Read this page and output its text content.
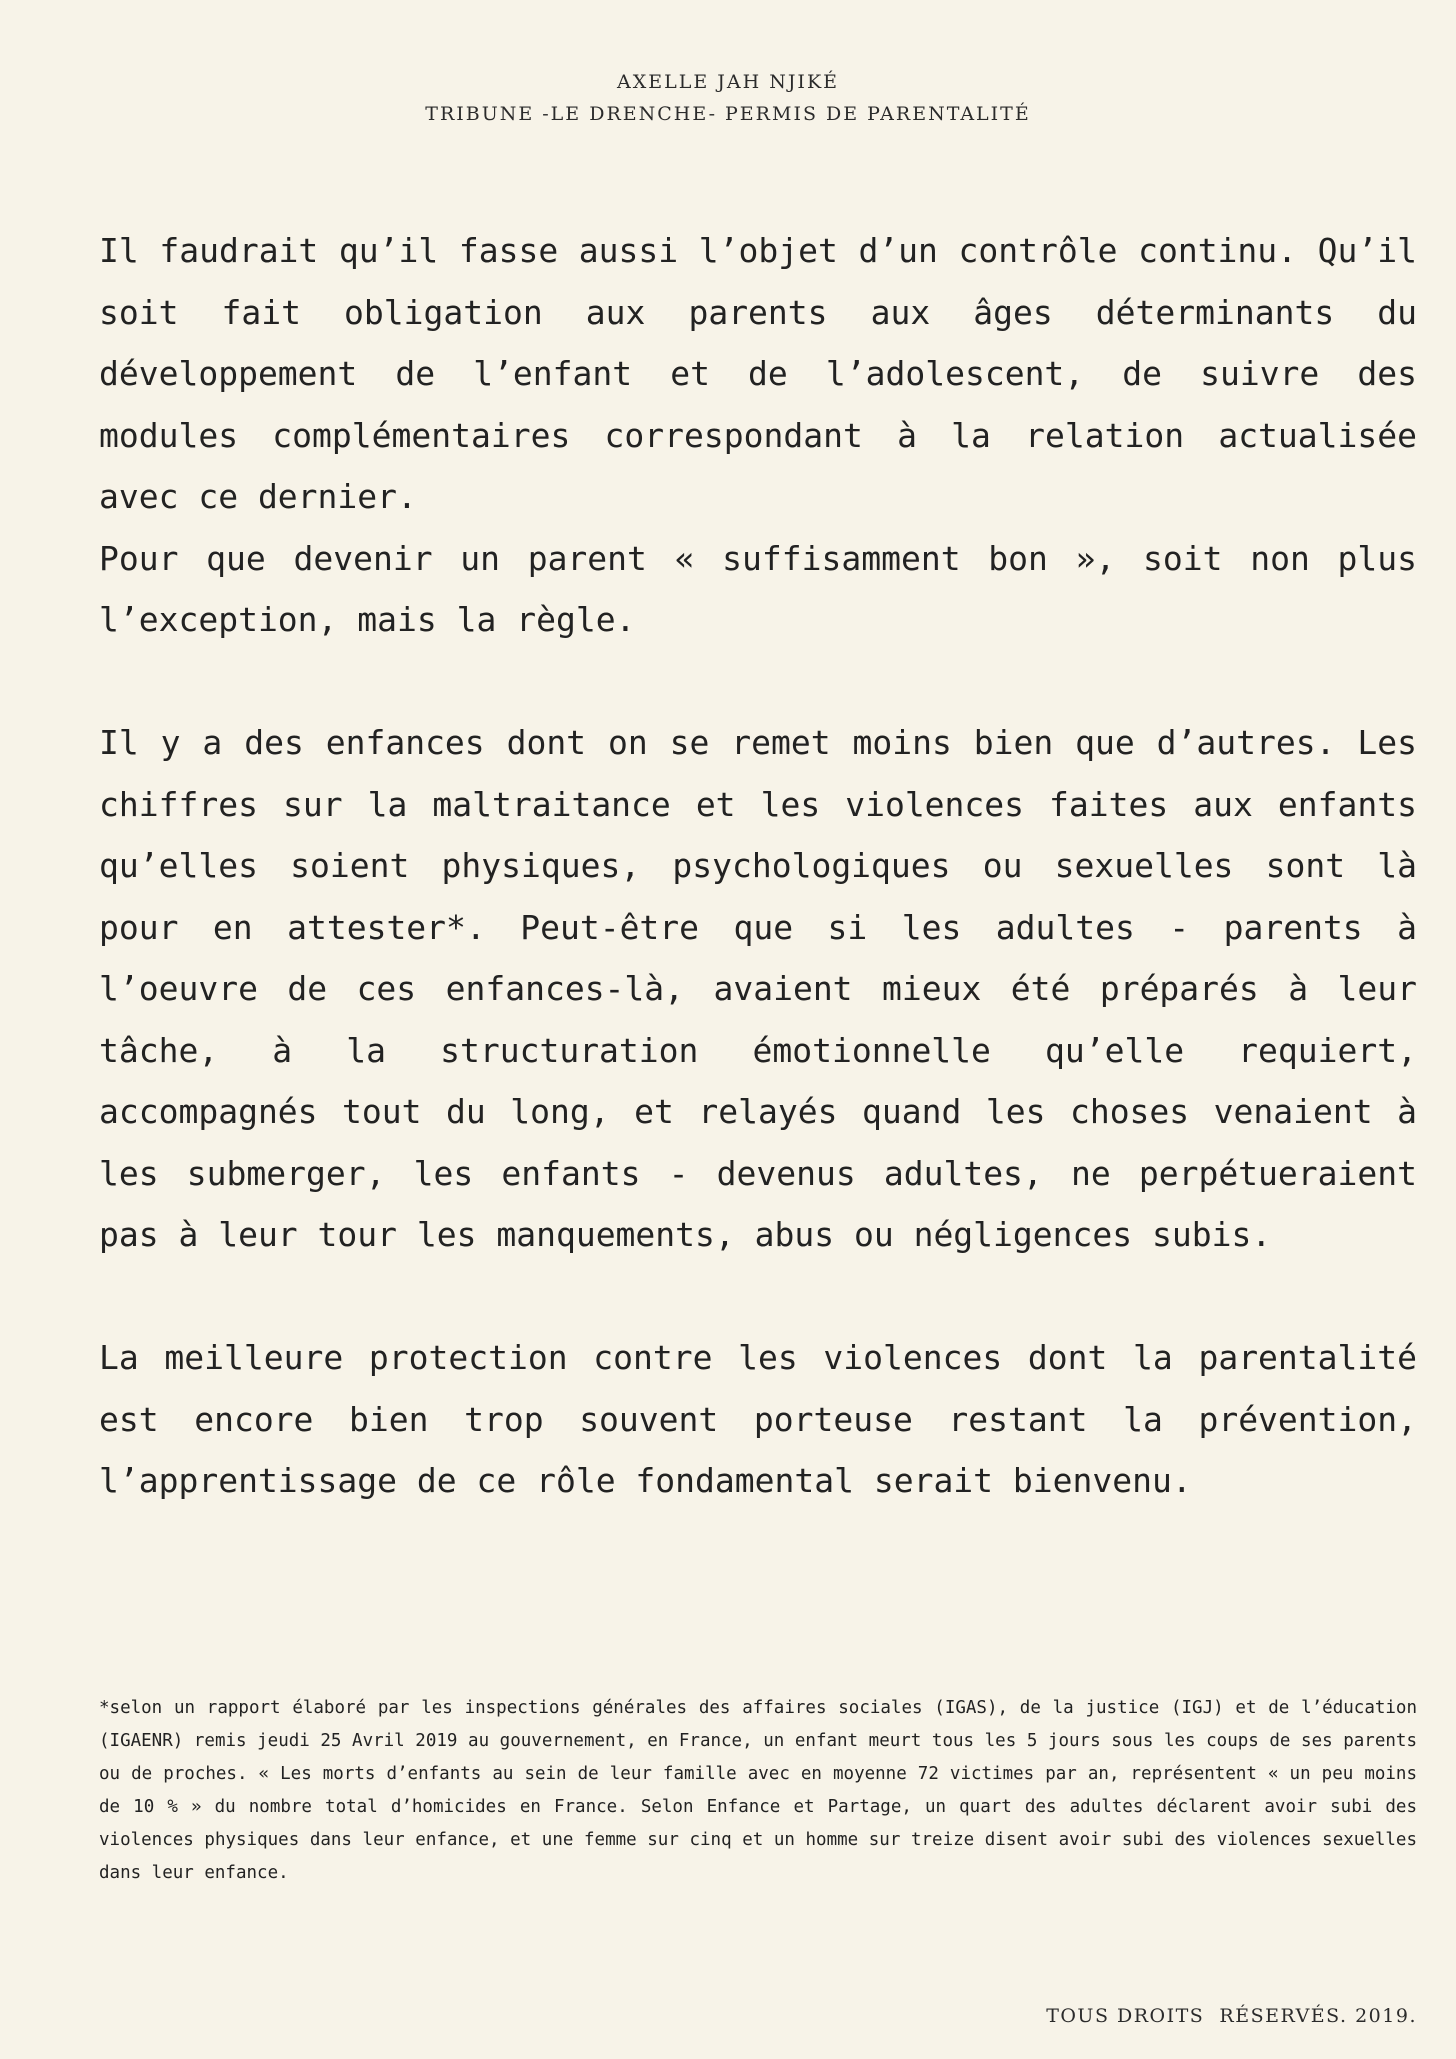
AXELLE JAH NJIKÉ
TRIBUNE -LE DRENCHE- PERMIS DE PARENTALITÉ

Il faudrait qu’il fasse aussi l’objet d’un contrôle continu. Qu’il soit fait obligation aux parents aux âges déterminants du développement de l’enfant et de l’adolescent, de suivre des modules complémentaires correspondant à la relation actualisée avec ce dernier.

Pour que devenir un parent « suffisamment bon », soit non plus l’exception, mais la règle.

Il y a des enfances dont on se remet moins bien que d’autres. Les chiffres sur la maltraitance et les violences faites aux enfants qu’elles soient physiques, psychologiques ou sexuelles sont là pour en attester*. Peut-être que si les adultes - parents à l’oeuvre de ces enfances-là, avaient mieux été préparés à leur tâche, à la structuration émotionnelle qu’elle requiert, accompagnés tout du long, et relayés quand les choses venaient à les submerger, les enfants - devenus adultes, ne perpétueraient pas à leur tour les manquements, abus ou négligences subis.

La meilleure protection contre les violences dont la parentalité est encore bien trop souvent porteuse restant la prévention, l’apprentissage de ce rôle fondamental serait bienvenu.

*selon un rapport élaboré par les inspections générales des affaires sociales (IGAS), de la justice (IGJ) et de l’éducation (IGAENR) remis jeudi 25 Avril 2019 au gouvernement, en France, un enfant meurt tous les 5 jours sous les coups de ses parents ou de proches. « Les morts d’enfants au sein de leur famille avec en moyenne 72 victimes par an, représentent « un peu moins de 10 % » du nombre total d’homicides en France. Selon Enfance et Partage, un quart des adultes déclarent avoir subi des violences physiques dans leur enfance, et une femme sur cinq et un homme sur treize disent avoir subi des violences sexuelles dans leur enfance.

TOUS DROITS  RÉSERVÉS. 2019.
